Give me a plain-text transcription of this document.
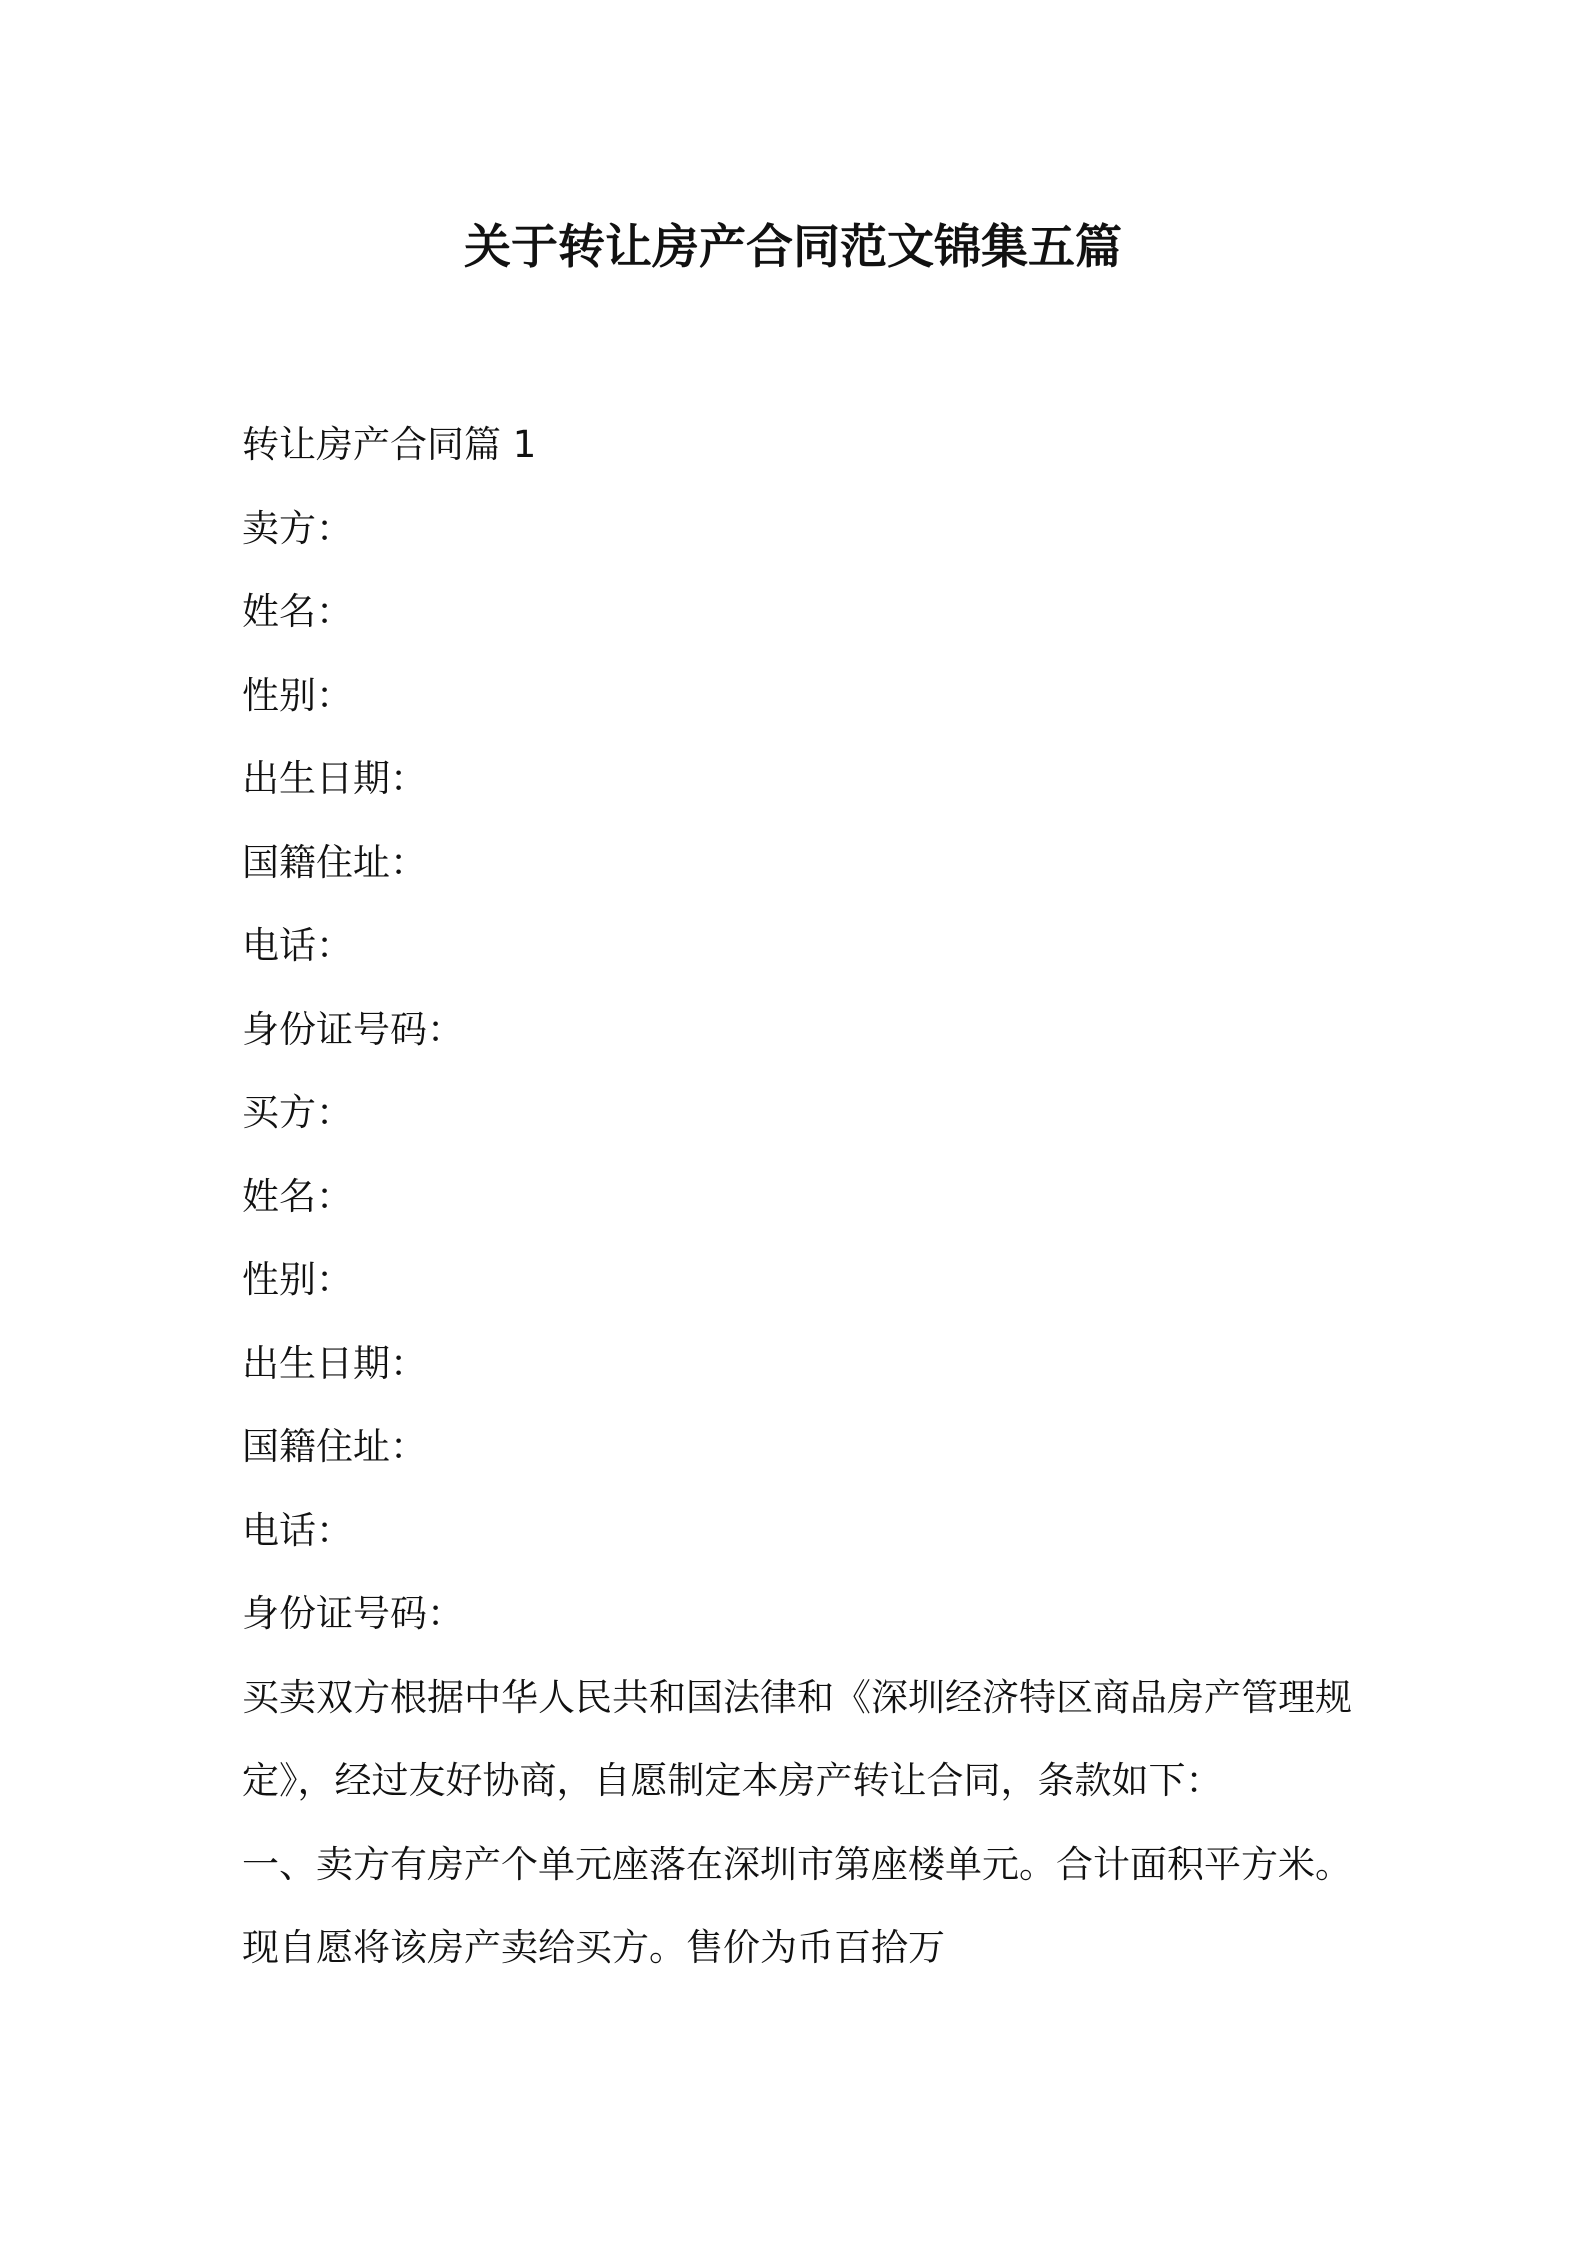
关于转让房产合同范文锦集五篇
转让房产合同篇 1
卖方：
姓名：
性别：
出生日期：
国籍住址：
电话：
身份证号码：
买方：
姓名：
性别：
出生日期：
国籍住址：
电话：
身份证号码：
买卖双方根据中华人民共和国法律和《深圳经济特区商品房产管理规
定》，经过友好协商，自愿制定本房产转让合同，条款如下：
一、卖方有房产个单元座落在深圳市第座楼单元。合计面积平方米。
现自愿将该房产卖给买方。售价为币百拾万
